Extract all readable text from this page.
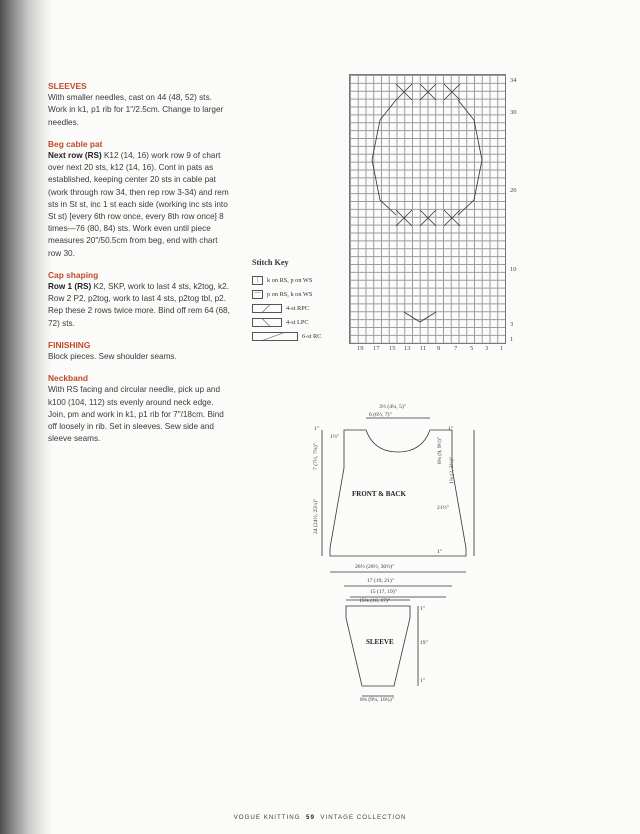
SLEEVES

With smaller needles, cast on 44 (48, 52) sts. Work in k1, p1 rib for 1"/2.5cm. Change to larger needles.

Beg cable pat

Next row (RS) K12 (14, 16) work row 9 of chart over next 20 sts, k12 (14, 16). Cont in pats as established, keeping center 20 sts in cable pat (work through row 34, then rep row 3-34) and rem sts in St st, inc 1 st each side (working inc sts into St st) [every 6th row once, every 8th row once] 8 times—76 (80, 84) sts. Work even until piece measures 20"/50.5cm from beg, end with chart row 30.

Cap shaping

Row 1 (RS) K2, SKP, work to last 4 sts, k2tog, k2. Row 2 P2, p2tog, work to last 4 sts, p2tog tbl, p2. Rep these 2 rows twice more. Bind off rem 64 (68, 72) sts.

FINISHING

Block pieces. Sew shoulder seams.

Neckband

With RS facing and circular needle, pick up and k100 (104, 112) sts evenly around neck edge. Join, pm and work in k1, p1 rib for 7"/18cm. Bind off loosely in rib. Set in sleeves. Sew side and sleeve seams.

34
30
20
10
3
1
19 17 15 13 11 9 7 5 3 1
Stitch Key
|	k on RS, p on WS
—	p on RS, k on WS
4-st RPC
4-st LPC
6-st RC
FRONT & BACK
SLEEVE
3½ (4¼, 5)"
6 (6½, 7)"
1"
1½"
7 (7½, 7¾)"
24 (24½, 25¼)"
1"
8¾ (9, 9½)"
1¾ (2, 2¼)"
21½"
1"
26½ (28½, 30½)"
17 (19, 21)"
15 (17, 19)"
15¾ (16, 17)"
1"
19"
1"
8¾ (9¼, 10¼)"
VOGUE KNITTING 59 VINTAGE COLLECTION
